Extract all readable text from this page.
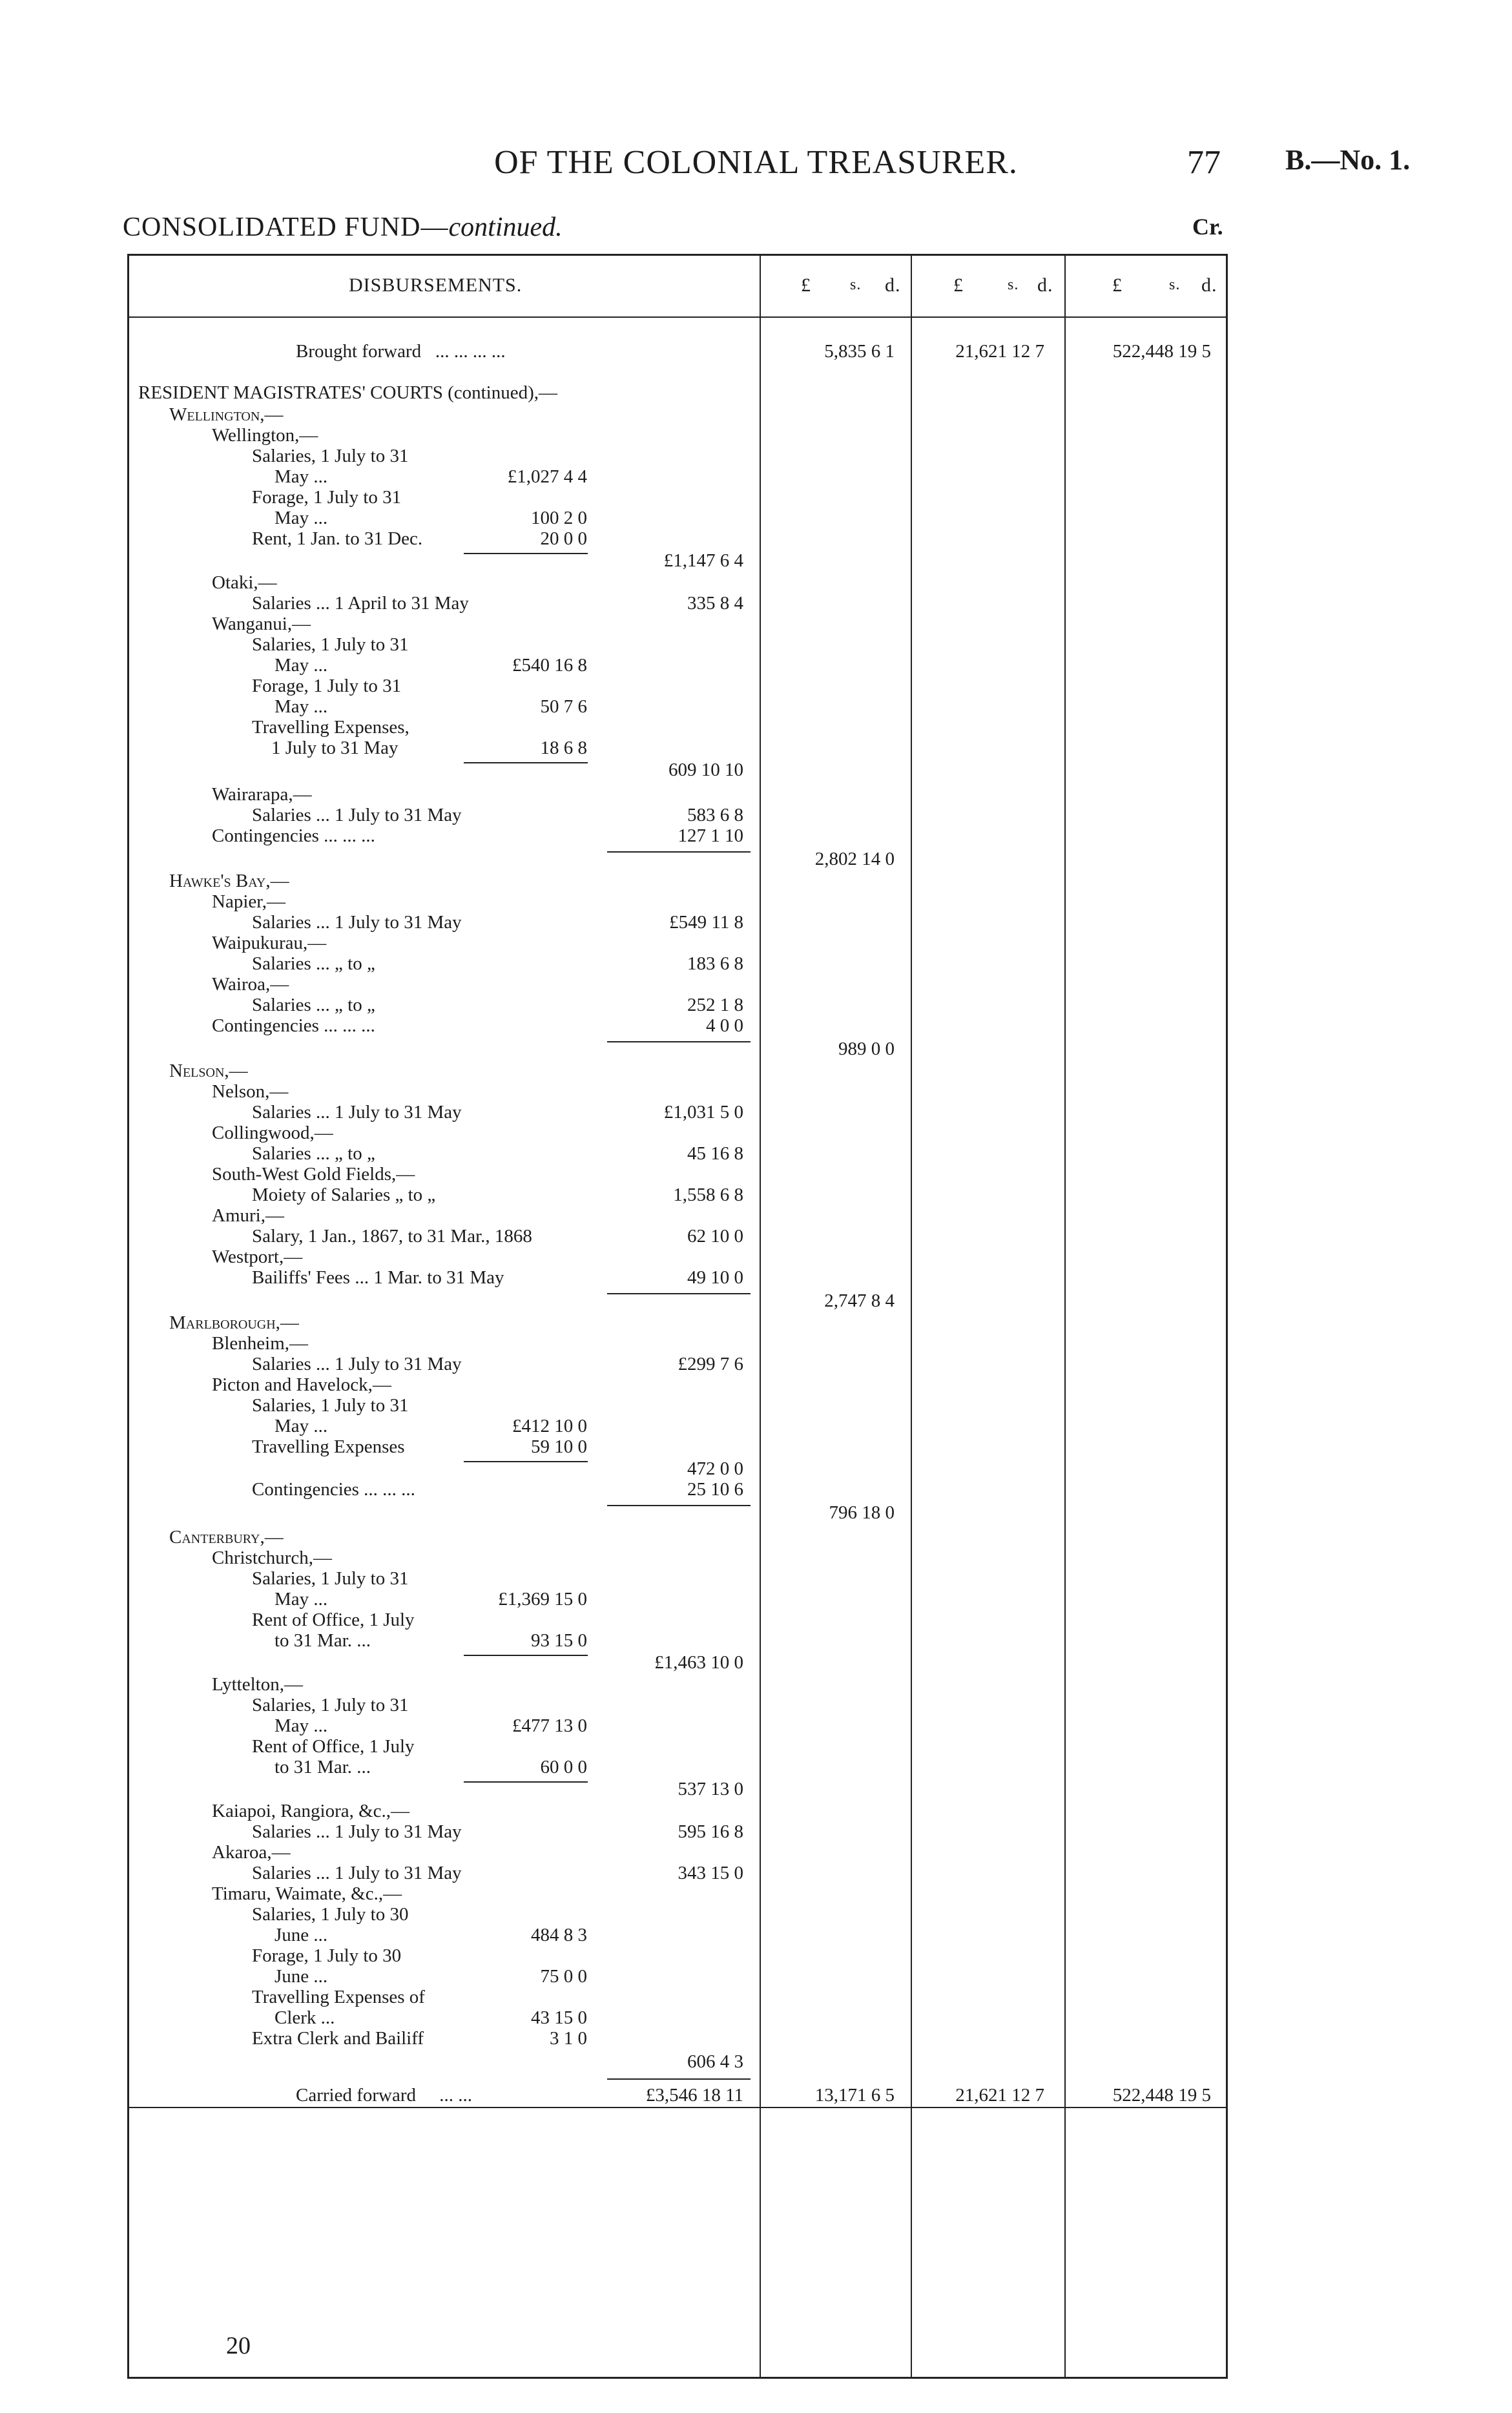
OF THE COLONIAL TREASURER.	77 B.—No. 1.
CONSOLIDATED FUND—continued.	Cr.
DISBURSEMENTS.	£	s. d.	£	s. d.	£	s. d.
Brought forward ... ... ... ...	5,835 6 1	21,621 12 7	522,448 19 5
RESIDENT MAGISTRATES' COURTS (continued),—
Wellington,—
Wellington,—
Salaries, 1 July to 31
May ...	£1,027 4 4
Forage, 1 July to 31
May ...	100 2 0
Rent, 1 Jan. to 31 Dec.	20 0 0
£1,147 6 4
Otaki,—
Salaries ... 1 April to 31 May	335 8 4
Wanganui,—
Salaries, 1 July to 31
May ...	£540 16 8
Forage, 1 July to 31
May ...	50 7 6
Travelling Expenses,
1 July to 31 May	18 6 8
609 10 10
Wairarapa,—
Salaries ... 1 July to 31 May	583 6 8
Contingencies ... ... ...	127 1 10
2,802 14 0
Hawke's Bay,—
Napier,—
Salaries ... 1 July to 31 May	£549 11 8
Waipukurau,—
Salaries ... „ to „	183 6 8
Wairoa,—
Salaries ... „ to „	252 1 8
Contingencies ... ... ...	4 0 0
989 0 0
Nelson,—
Nelson,—
Salaries ... 1 July to 31 May	£1,031 5 0
Collingwood,—
Salaries ... „ to „	45 16 8
South-West Gold Fields,—
Moiety of Salaries „ to „	1,558 6 8
Amuri,—
Salary, 1 Jan., 1867, to 31 Mar., 1868	62 10 0
Westport,—
Bailiffs' Fees ... 1 Mar. to 31 May	49 10 0
2,747 8 4
Marlborough,—
Blenheim,—
Salaries ... 1 July to 31 May	£299 7 6
Picton and Havelock,—
Salaries, 1 July to 31
May ...	£412 10 0
Travelling Expenses	59 10 0
472 0 0
Contingencies ... ... ...	25 10 6
796 18 0
Canterbury,—
Christchurch,—
Salaries, 1 July to 31
May ...	£1,369 15 0
Rent of Office, 1 July
to 31 Mar. ...	93 15 0
£1,463 10 0
Lyttelton,—
Salaries, 1 July to 31
May ...	£477 13 0
Rent of Office, 1 July
to 31 Mar. ...	60 0 0
537 13 0
Kaiapoi, Rangiora, &c.,—
Salaries ... 1 July to 31 May	595 16 8
Akaroa,—
Salaries ... 1 July to 31 May	343 15 0
Timaru, Waimate, &c.,—
Salaries, 1 July to 30
June ...	484 8 3
Forage, 1 July to 30
June ...	75 0 0
Travelling Expenses of
Clerk ...	43 15 0
Extra Clerk and Bailiff	3 1 0
606 4 3
Carried forward ... ...	£3,546 18 11	13,171 6 5	21,621 12 7	522,448 19 5
20
